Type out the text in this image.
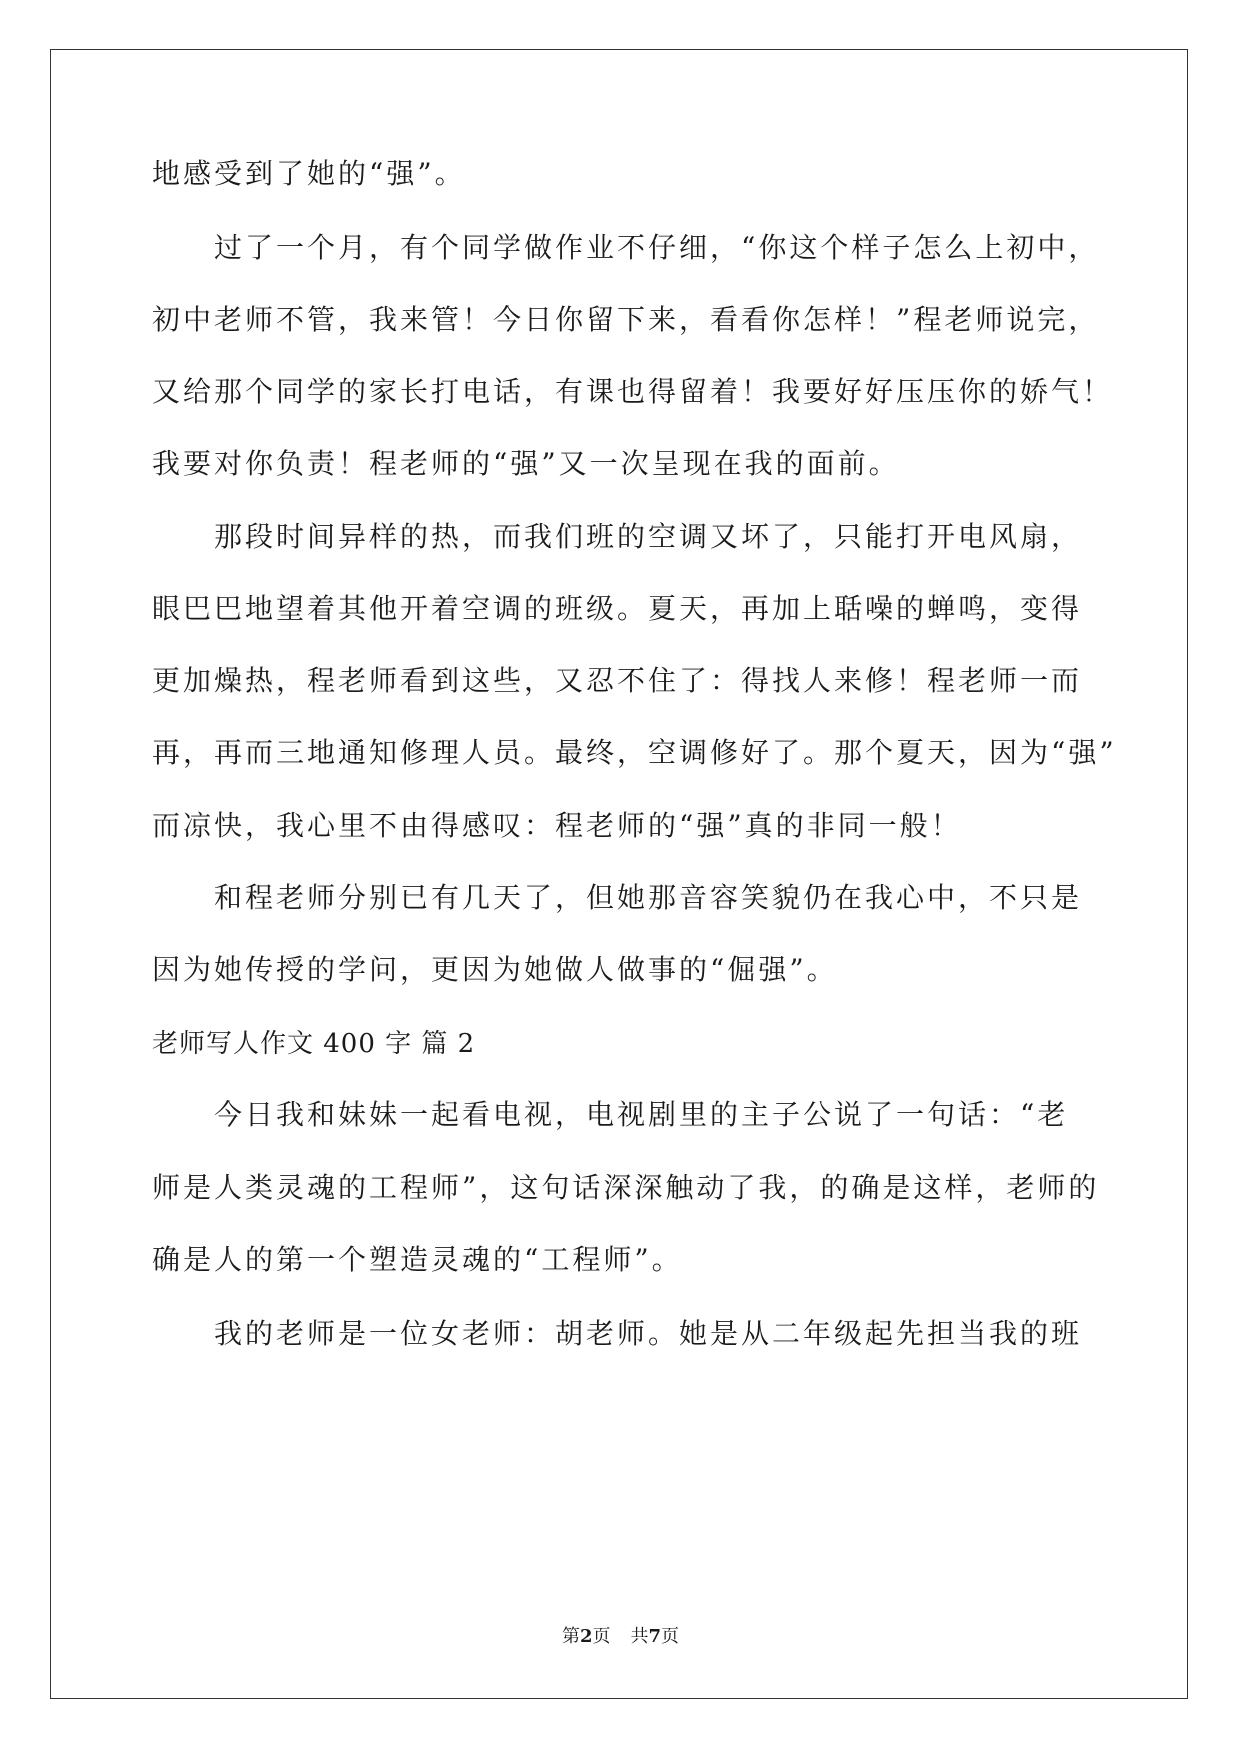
地感受到了她的“强”。
过了一个月，有个同学做作业不仔细，“你这个样子怎么上初中，
初中老师不管，我来管！今日你留下来，看看你怎样！”程老师说完，
又给那个同学的家长打电话，有课也得留着！我要好好压压你的娇气！
我要对你负责！程老师的“强”又一次呈现在我的面前。
那段时间异样的热，而我们班的空调又坏了，只能打开电风扇，
眼巴巴地望着其他开着空调的班级。夏天，再加上聒噪的蝉鸣，变得
更加燥热，程老师看到这些，又忍不住了：得找人来修！程老师一而
再，再而三地通知修理人员。最终，空调修好了。那个夏天，因为“强”
而凉快，我心里不由得感叹：程老师的“强”真的非同一般！
和程老师分别已有几天了，但她那音容笑貌仍在我心中，不只是
因为她传授的学问，更因为她做人做事的“倔强”。
老师写人作文 400 字 篇 2
今日我和妹妹一起看电视，电视剧里的主子公说了一句话：“老
师是人类灵魂的工程师”，这句话深深触动了我，的确是这样，老师的
确是人的第一个塑造灵魂的“工程师”。
我的老师是一位女老师：胡老师。她是从二年级起先担当我的班
第2页 共7页
